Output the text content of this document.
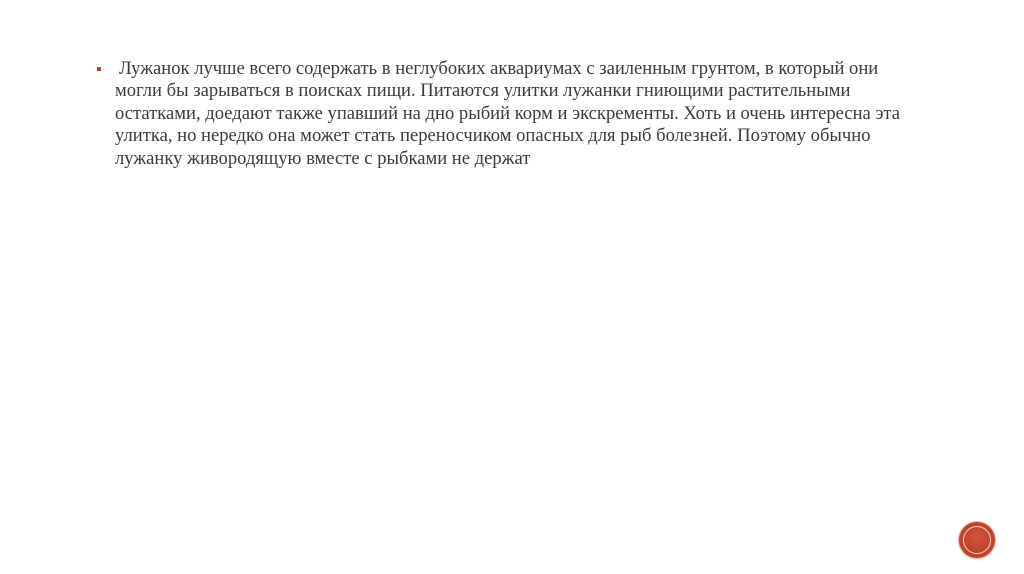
Лужанок лучше всего содержать в неглубоких аквариумах с заиленным грунтом, в который они могли бы зарываться в поисках пищи. Питаются улитки лужанки гниющими растительными остатками, доедают также упавший на дно рыбий корм и экскременты. Хоть и очень интересна эта улитка, но нередко она может стать переносчиком опасных для рыб болезней. Поэтому обычно лужанку живородящую вместе с рыбками не держат
